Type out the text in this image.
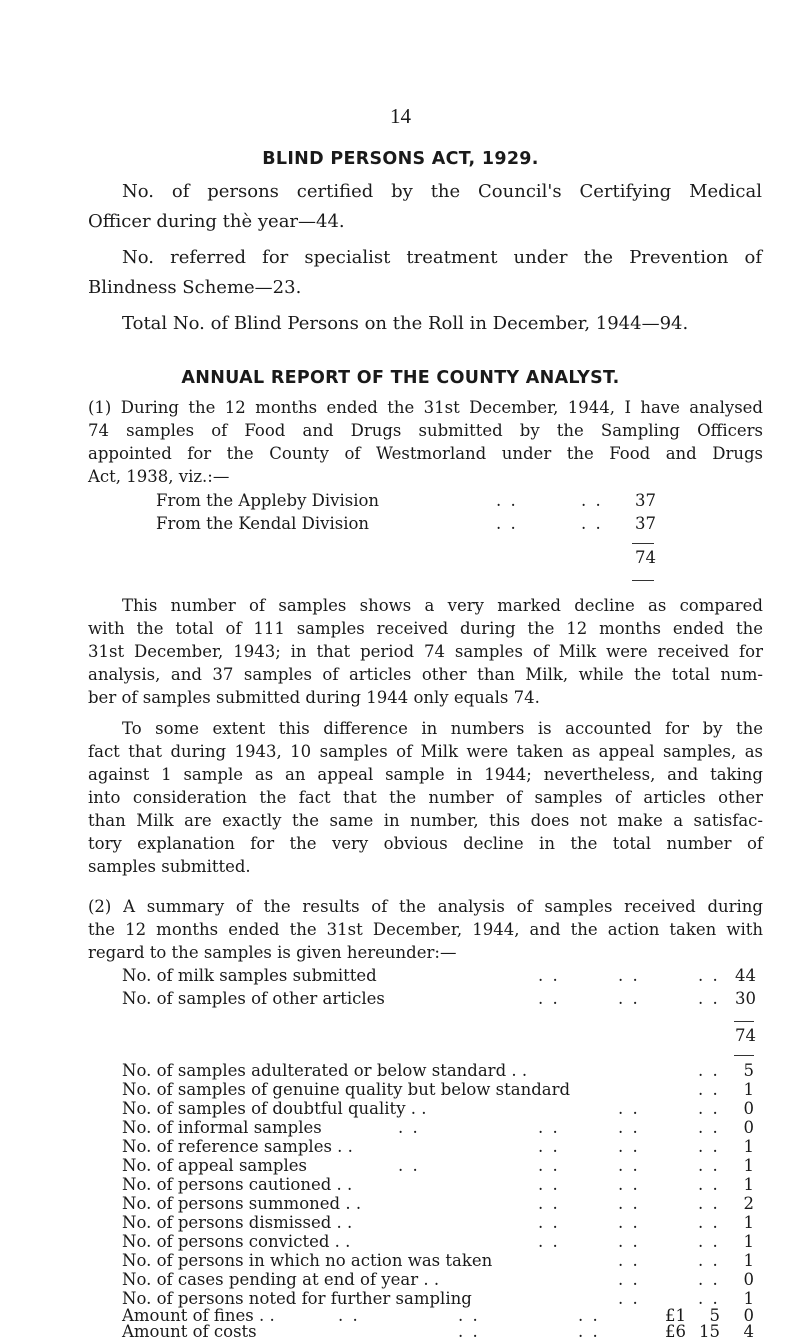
14
BLIND PERSONS ACT, 1929.
No. of persons certified by the Council's Certifying Medical
Officer during thè year—44.
No. referred for specialist treatment under the Prevention of
Blindness Scheme—23.
Total No. of Blind Persons on the Roll in December, 1944—94.
ANNUAL REPORT OF THE COUNTY ANALYST.
(1) During the 12 months ended the 31st December, 1944, I have analysed
74 samples of Food and Drugs submitted by the Sampling Officers
appointed for the County of Westmorland under the Food and Drugs
Act, 1938, viz.:—
From the Appleby Division	. .	. .	37
From the Kendal Division	. .	. .	37
74
This number of samples shows a very marked decline as compared
with the total of 111 samples received during the 12 months ended the
31st December, 1943; in that period 74 samples of Milk were received for
analysis, and 37 samples of articles other than Milk, while the total num-
ber of samples submitted during 1944 only equals 74.
To some extent this difference in numbers is accounted for by the
fact that during 1943, 10 samples of Milk were taken as appeal samples, as
against 1 sample as an appeal sample in 1944; nevertheless, and taking
into consideration the fact that the number of samples of articles other
than Milk are exactly the same in number, this does not make a satisfac-
tory explanation for the very obvious decline in the total number of
samples submitted.
(2) A summary of the results of the analysis of samples received during
the 12 months ended the 31st December, 1944, and the action taken with
regard to the samples is given hereunder:—
No. of milk samples submitted	. .	. .	. . 44
No. of samples of other articles	. .	. .	. . 30
74
No. of samples adulterated or below standard . .	. .	5
No. of samples of genuine quality but below standard	. .	1
No. of samples of doubtful quality . .	. .	. .	0
No. of informal samples	. .	. .	. .	. .	0
No. of reference samples . .	. .	. .	. .	1
No. of appeal samples	. .	. .	. .	. .	1
No. of persons cautioned . .	. .	. .	. .	1
No. of persons summoned . .	. .	. .	. .	2
No. of persons dismissed . .	. .	. .	. .	1
No. of persons convicted . .	. .	. .	. .	1
No. of persons in which no action was taken	. .	. .	1
No. of cases pending at end of year . .	. .	. .	0
No. of persons noted for further sampling	. .	. .	1
Amount of fines . .	. .	. .	. .	£1	5	0
Amount of costs	. .	. .	£6 15	4
